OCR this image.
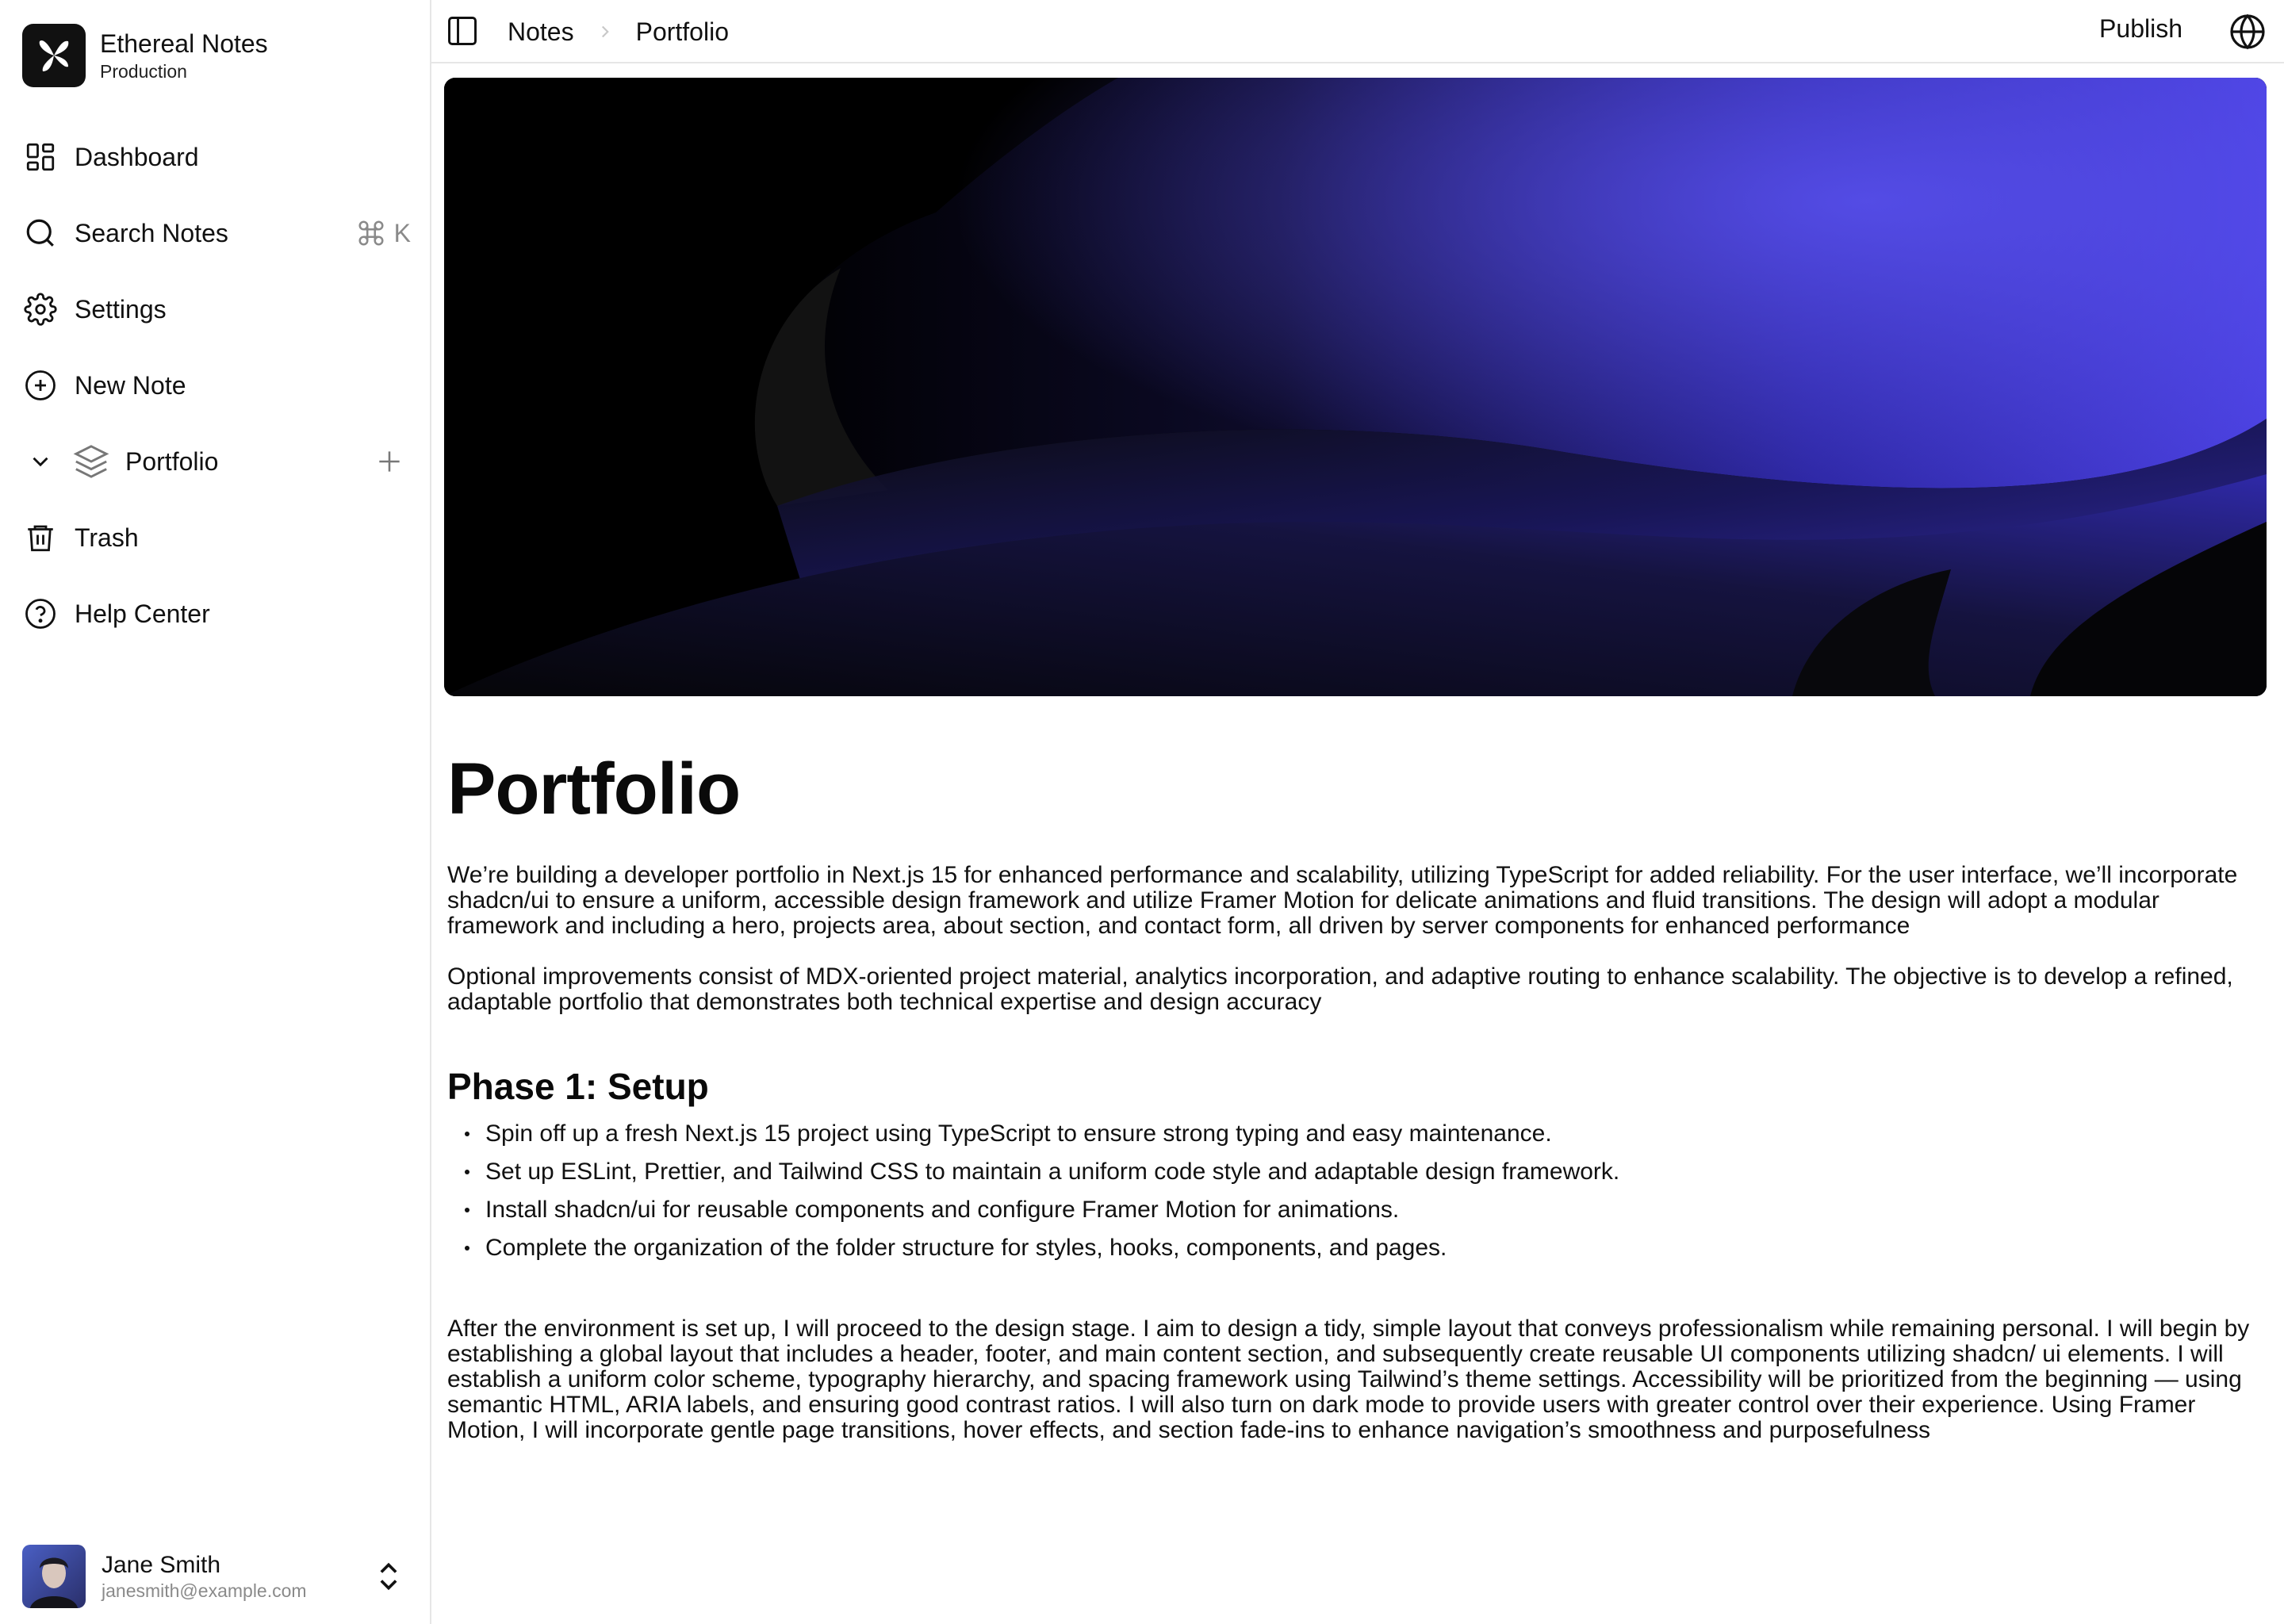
Ethereal Notes
Production
Dashboard
Search Notes	K
Settings
New Note
Portfolio
Trash
Help Center
Jane Smith
janesmith@example.com
Notes Portfolio	Publish
Portfolio

We’re building a developer portfolio in Next.js 15 for enhanced performance and scalability, utilizing TypeScript for added reliability. For the user interface, we’ll incorporate shadcn/ui to ensure a uniform, accessible design framework and utilize Framer Motion for delicate animations and fluid transitions. The design will adopt a modular framework and including a hero, projects area, about section, and contact form, all driven by server components for enhanced performance

Optional improvements consist of MDX-oriented project material, analytics incorporation, and adaptive routing to enhance scalability. The objective is to develop a refined, adaptable portfolio that demonstrates both technical expertise and design accuracy

Phase 1: Setup
Spin off up a fresh Next.js 15 project using TypeScript to ensure strong typing and easy maintenance.
Set up ESLint, Prettier, and Tailwind CSS to maintain a uniform code style and adaptable design framework.
Install shadcn/ui for reusable components and configure Framer Motion for animations.
Complete the organization of the folder structure for styles, hooks, components, and pages.

After the environment is set up, I will proceed to the design stage. I aim to design a tidy, simple layout that conveys professionalism while remaining personal. I will begin by establishing a global layout that includes a header, footer, and main content section, and subsequently create reusable UI components utilizing shadcn/ ui elements. I will establish a uniform color scheme, typography hierarchy, and spacing framework using Tailwind’s theme settings. Accessibility will be prioritized from the beginning — using semantic HTML, ARIA labels, and ensuring good contrast ratios. I will also turn on dark mode to provide users with greater control over their experience. Using Framer Motion, I will incorporate gentle page transitions, hover effects, and section fade-ins to enhance navigation’s smoothness and purposefulness
